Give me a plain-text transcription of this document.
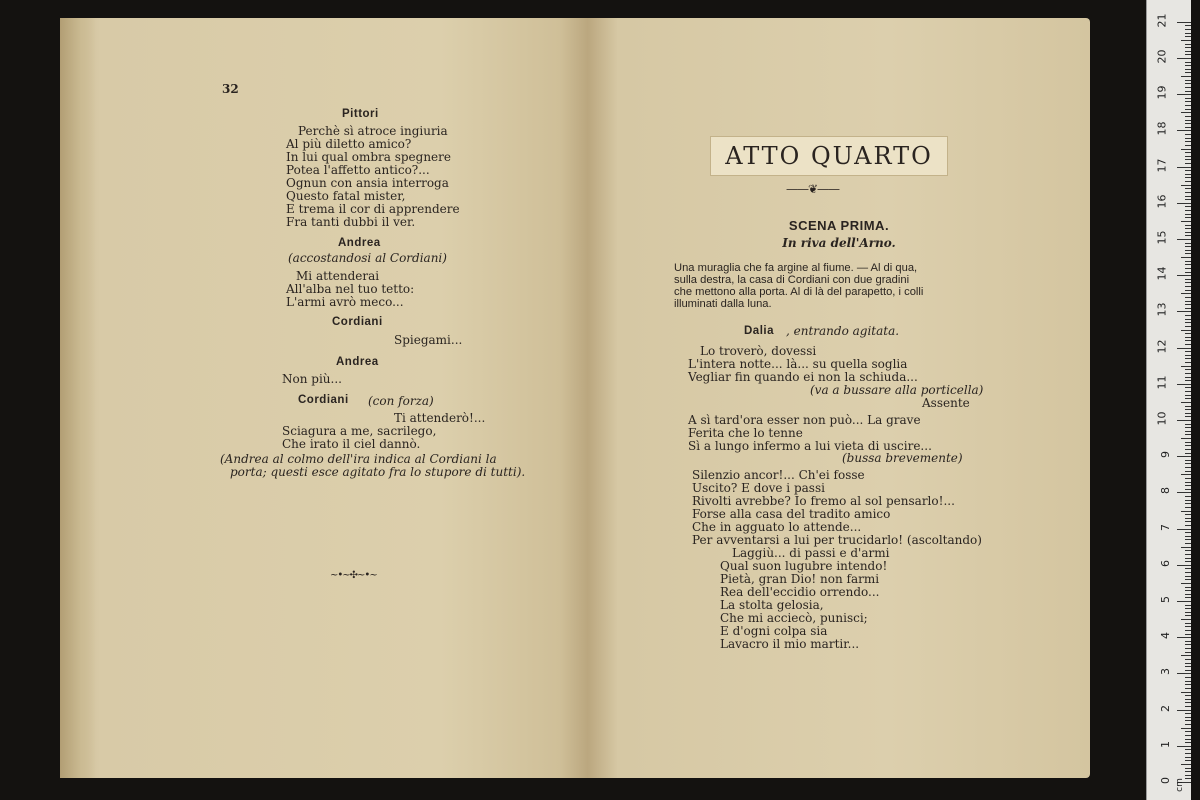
32
Pittori
Perchè sì atroce ingiuria
Al più diletto amico?
In lui qual ombra spegnere
Potea l'affetto antico?...
Ognun con ansia interroga
Questo fatal mister,
E trema il cor di apprendere
Fra tanti dubbi il ver.
Andrea
(accostandosi al Cordiani)
Mi attenderai
All'alba nel tuo tetto:
L'armi avrò meco...
Cordiani
Spiegami...
Andrea
Non più...
Cordiani (con forza)
Ti attenderò!...
Sciagura a me, sacrilego,
Che irato il ciel dannò.
(Andrea al colmo dell'ira indica al Cordiani la
porta; questi esce agitato fra lo stupore di tutti).
~•~✣~•~
ATTO QUARTO
——❦——
SCENA PRIMA.
In riva dell'Arno.
Una muraglia che fa argine al fiume. — Al di qua,
sulla destra, la casa di Cordiani con due gradini
che mettono alla porta. Al di là del parapetto, i colli
illuminati dalla luna.
Dalia , entrando agitata.
Lo troverò, dovessi
L'intera notte... là... su quella soglia
Vegliar fin quando ei non la schiuda...
(va a bussare alla porticella)
Assente
A sì tard'ora esser non può... La grave
Ferita che lo tenne
Sì a lungo infermo a lui vieta di uscire...
(bussa brevemente)
Silenzio ancor!... Ch'ei fosse
Uscito? E dove i passi
Rivolti avrebbe? Io fremo al sol pensarlo!...
Forse alla casa del tradito amico
Che in agguato lo attende...
Per avventarsi a lui per trucidarlo! (ascoltando)
Laggiù... di passi e d'armi
Qual suon lugubre intendo!
Pietà, gran Dio! non farmi
Rea dell'eccidio orrendo...
La stolta gelosia,
Che mi acciecò, punisci;
E d'ogni colpa sia
Lavacro il mio martir...
0
1
2
3
4
5
6
7
8
9
10
11
12
13
14
15
16
17
18
19
20
21
cm
